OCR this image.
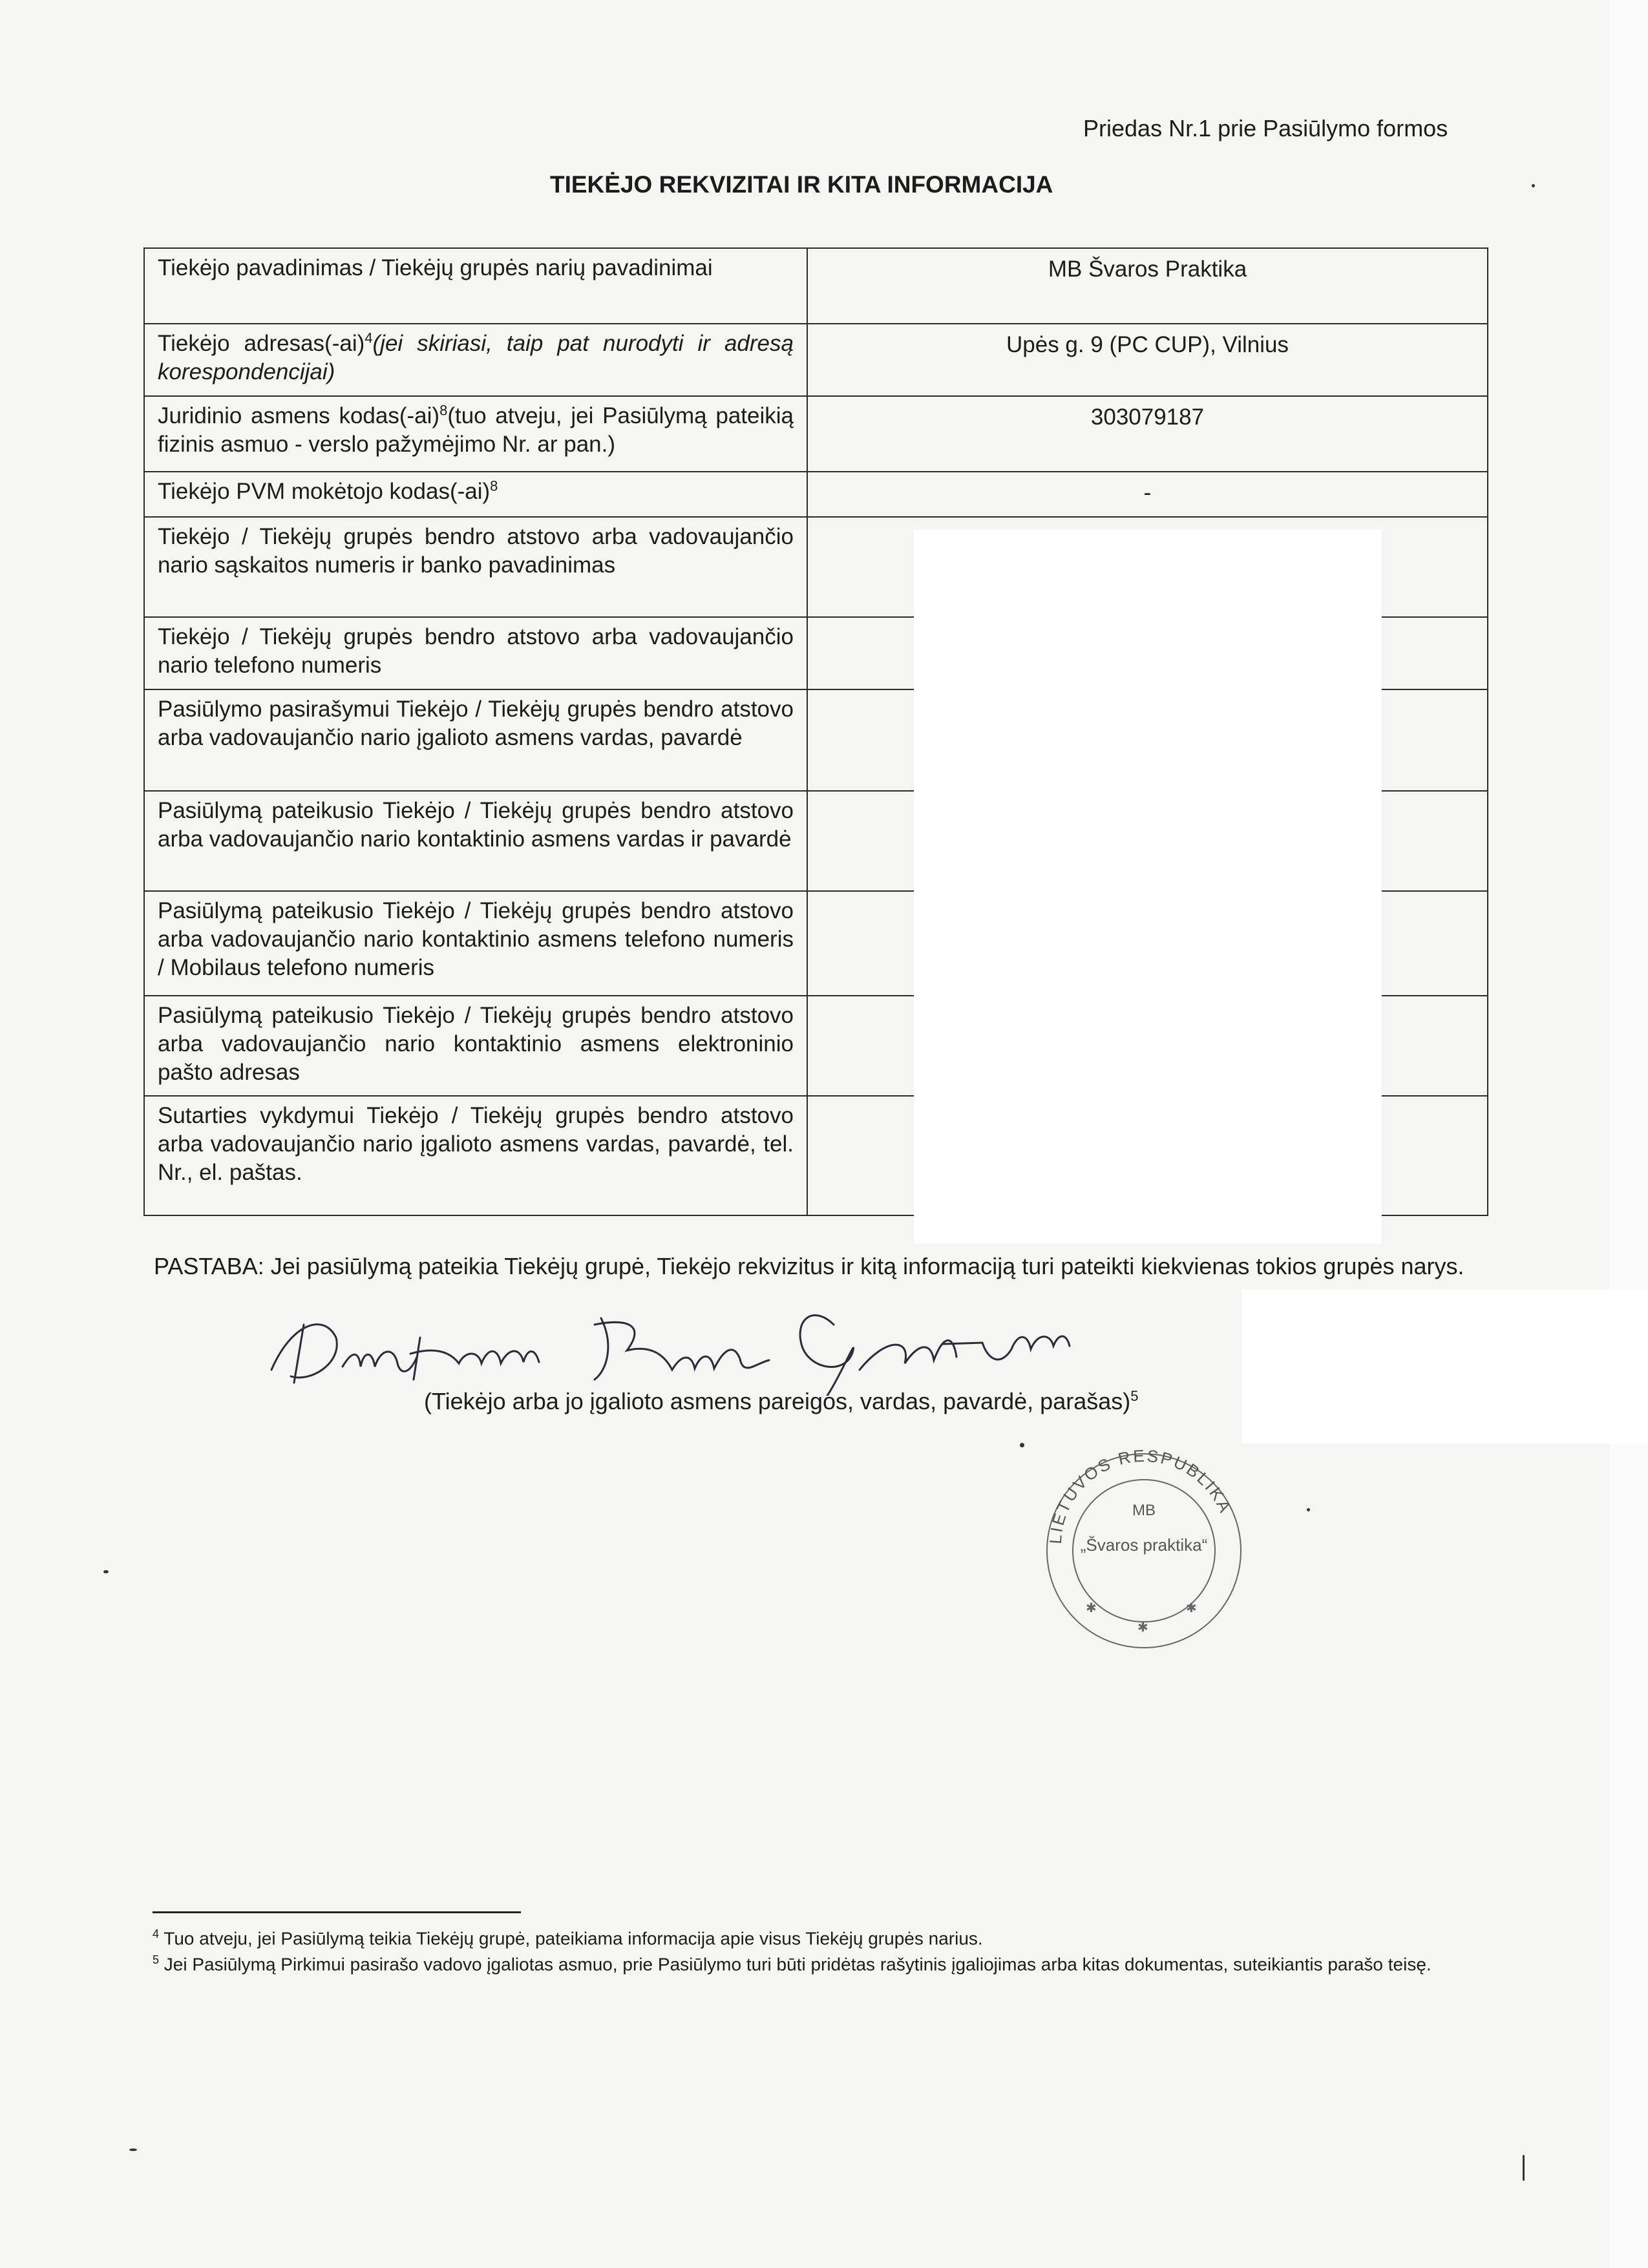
Priedas Nr.1 prie Pasiūlymo formos
TIEKĖJO REKVIZITAI IR KITA INFORMACIJA
Tiekėjo pavadinimas / Tiekėjų grupės narių pavadinimai	MB Švaros Praktika
Tiekėjo $adresas(-ai)^4(jei$ skiriasi, taip pat nurodyti ir adresą korespondencijai)	Upės g. 9 (PC CUP), Vilnius
Juridinio asmens $kodas(-ai)^8(tuo$ atveju, jei Pasiūlymą pateikią fizinis asmuo - verslo pažymėjimo Nr. ar pan.)	303079187
Tiekėjo PVM mokėtojo $kodas(-ai)^8$	-
Tiekėjo / Tiekėjų grupės bendro atstovo arba vadovaujančio nario sąskaitos numeris ir banko pavadinimas	
Tiekėjo / Tiekėjų grupės bendro atstovo arba vadovaujančio nario telefono numeris	
Pasiūlymo pasirašymui Tiekėjo / Tiekėjų grupės bendro atstovo arba vadovaujančio nario įgalioto asmens vardas, pavardė	
Pasiūlymą pateikusio Tiekėjo / Tiekėjų grupės bendro atstovo arba vadovaujančio nario kontaktinio asmens vardas ir pavardė	
Pasiūlymą pateikusio Tiekėjo / Tiekėjų grupės bendro atstovo arba vadovaujančio nario kontaktinio asmens telefono numeris / Mobilaus telefono numeris	
Pasiūlymą pateikusio Tiekėjo / Tiekėjų grupės bendro atstovo arba vadovaujančio nario kontaktinio asmens elektroninio pašto adresas	
Sutarties vykdymui Tiekėjo / Tiekėjų grupės bendro atstovo arba vadovaujančio nario įgalioto asmens vardas, pavardė, tel. Nr., el. paštas.	
PASTABA: Jei pasiūlymą pateikia Tiekėjų grupė, Tiekėjo rekvizitus ir kitą informaciją turi pateikti kiekvienas tokios grupės narys.
(Tiekėjo arba jo įgalioto asmens pareigos, vardas, pavardė, parašas)$^5$
LIETUVOS RESPUBLIKA
MB
„Švaros praktika“
✱	✱
✱
$^4$ Tuo atveju, jei Pasiūlymą teikia Tiekėjų grupė, pateikiama informacija apie visus Tiekėjų grupės narius.
$^5$ Jei Pasiūlymą Pirkimui pasirašo vadovo įgaliotas asmuo, prie Pasiūlymo turi būti pridėtas rašytinis įgaliojimas arba kitas dokumentas, suteikiantis parašo teisę.
